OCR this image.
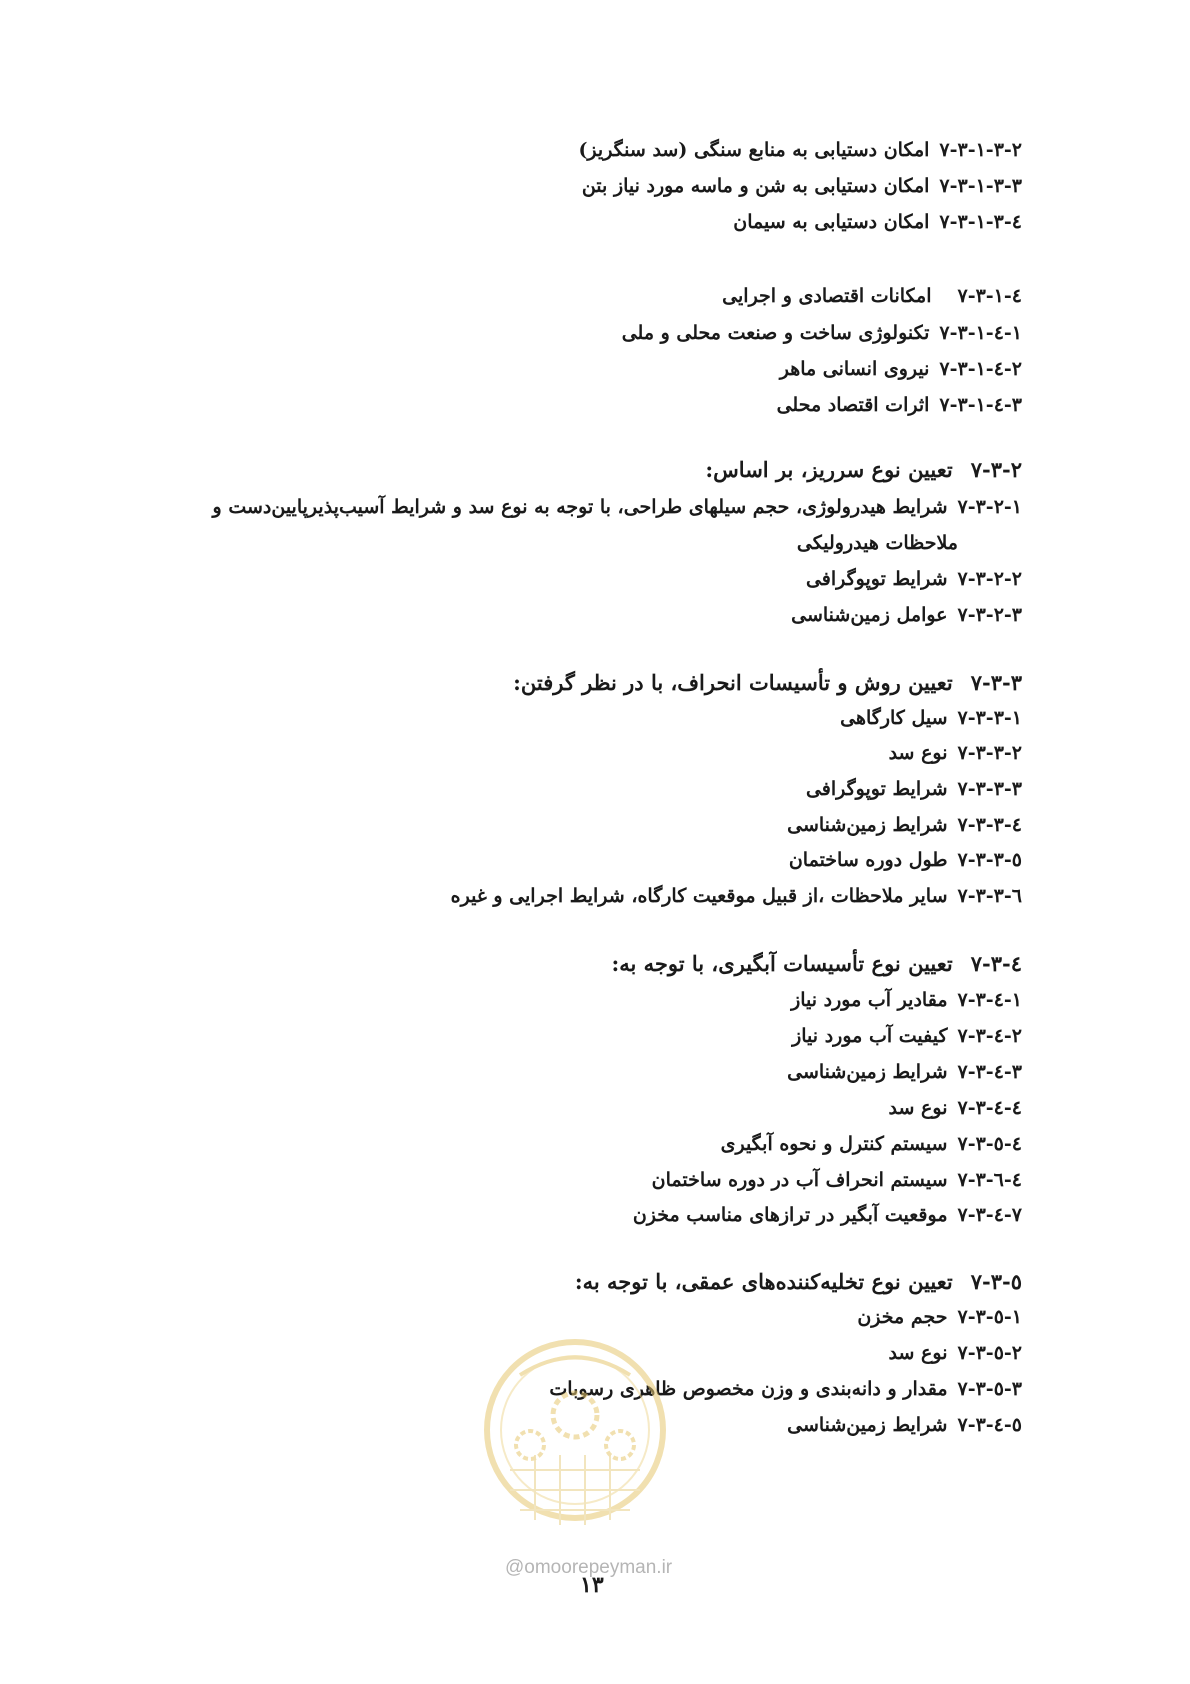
۷-۳-۱-۳-۲امکان دستیابی به منابع سنگی (سد سنگریز)
۷-۳-۱-۳-۳امکان دستیابی به شن و ماسه مورد نیاز بتن
۷-۳-۱-۳-٤امکان دستیابی به سیمان
۷-۳-۱-٤امکانات اقتصادی و اجرایی
۷-۳-۱-٤-۱تکنولوژی ساخت و صنعت محلی و ملی
۷-۳-۱-٤-۲نیروی انسانی ماهر
۷-۳-۱-٤-۳اثرات اقتصاد محلی
۷-۳-۲تعیین نوع سرریز، بر اساس:
۷-۳-۲-۱شرایط هیدرولوژی، حجم سیلهای طراحی، با توجه به نوع سد و شرایط آسیب‌پذیرپایین‌دست و
ملاحظات هیدرولیکی
۷-۳-۲-۲شرایط توپوگرافی
۷-۳-۲-۳عوامل زمین‌شناسی
۷-۳-۳تعیین روش و تأسیسات انحراف، با در نظر گرفتن:
۷-۳-۳-۱سیل کارگاهی
۷-۳-۳-۲نوع سد
۷-۳-۳-۳شرایط توپوگرافی
۷-۳-۳-٤شرایط زمین‌شناسی
۷-۳-۳-٥طول دوره ساختمان
۷-۳-۳-٦سایر ملاحظات ،از قبیل موقعیت کارگاه، شرایط اجرایی و غیره
۷-۳-٤تعیین نوع تأسیسات آبگیری، با توجه به:
۷-۳-٤-۱مقادیر آب مورد نیاز
۷-۳-٤-۲کیفیت آب مورد نیاز
۷-۳-٤-۳شرایط زمین‌شناسی
۷-۳-٤-٤نوع سد
۷-۳-٤-٥سیستم کنترل و نحوه آبگیری
۷-۳-٤-٦سیستم انحراف آب در دوره ساختمان
۷-۳-٤-۷موقعیت آبگیر در ترازهای مناسب مخزن
۷-۳-٥تعیین نوع تخلیه‌کننده‌های عمقی، با توجه به:
۷-۳-٥-۱حجم مخزن
۷-۳-٥-۲نوع سد
۷-۳-٥-۳مقدار و دانه‌بندی و وزن مخصوص ظاهری رسوبات
۷-۳-٥-٤شرایط زمین‌شناسی
@omoorepeyman.ir
۱۳
